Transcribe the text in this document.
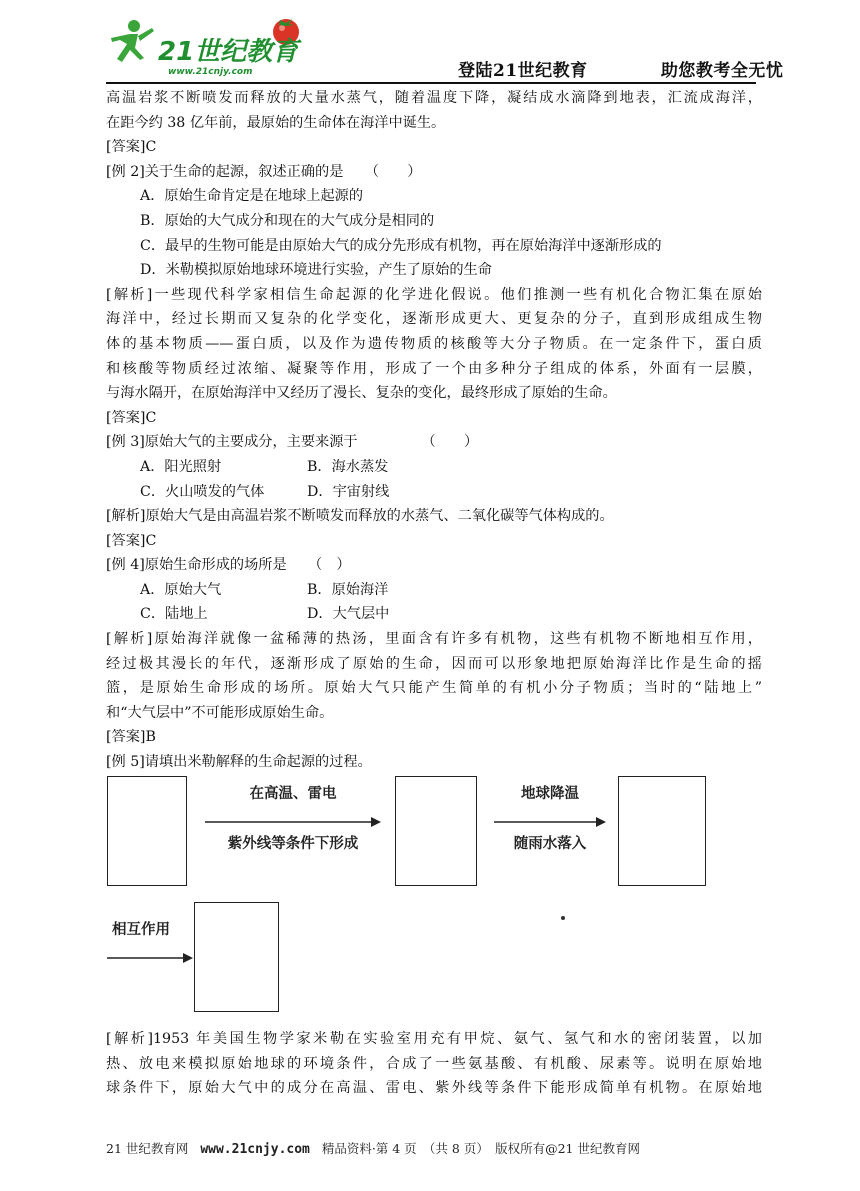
21世纪教育
www.21cnjy.com	登陆21世纪教育   助您教考全无忧
高温岩浆不断喷发而释放的大量水蒸气，随着温度下降，凝结成水滴降到地表，汇流成海洋，
在距今约 38 亿年前，最原始的生命体在海洋中诞生。
[答案]C
[例 2]关于生命的起源，叙述正确的是　　（　　）
A．原始生命肯定是在地球上起源的
B．原始的大气成分和现在的大气成分是相同的
C．最早的生物可能是由原始大气的成分先形成有机物，再在原始海洋中逐渐形成的
D．米勒模拟原始地球环境进行实验，产生了原始的生命
[解析]一些现代科学家相信生命起源的化学进化假说。他们推测一些有机化合物汇集在原始
海洋中，经过长期而又复杂的化学变化，逐渐形成更大、更复杂的分子，直到形成组成生物
体的基本物质——蛋白质，以及作为遗传物质的核酸等大分子物质。在一定条件下，蛋白质
和核酸等物质经过浓缩、凝聚等作用，形成了一个由多种分子组成的体系，外面有一层膜，
与海水隔开，在原始海洋中又经历了漫长、复杂的变化，最终形成了原始的生命。
[答案]C
[例 3]原始大气的主要成分，主要来源于　　　　　（　　）
A．阳光照射	B．海水蒸发
C．火山喷发的气体	D．宇宙射线
[解析]原始大气是由高温岩浆不断喷发而释放的水蒸气、二氧化碳等气体构成的。
[答案]C
[例 4]原始生命形成的场所是　　（　）
A．原始大气	B．原始海洋
C．陆地上	D．大气层中
[解析]原始海洋就像一盆稀薄的热汤，里面含有许多有机物，这些有机物不断地相互作用，
经过极其漫长的年代，逐渐形成了原始的生命，因而可以形象地把原始海洋比作是生命的摇
篮，是原始生命形成的场所。原始大气只能产生简单的有机小分子物质；当时的“陆地上”
和“大气层中”不可能形成原始生命。
[答案]B
[例 5]请填出米勒解释的生命起源的过程。
在高温、雷电
紫外线等条件下形成
地球降温
随雨水落入
相互作用
[解析]1953 年美国生物学家米勒在实验室用充有甲烷、氨气、氢气和水的密闭装置，以加
热、放电来模拟原始地球的环境条件，合成了一些氨基酸、有机酸、尿素等。说明在原始地
球条件下，原始大气中的成分在高温、雷电、紫外线等条件下能形成简单有机物。在原始地
21 世纪教育网 www.21cnjy.com 精品资料·第 4 页　（共 8 页）　版权所有@21 世纪教育网
